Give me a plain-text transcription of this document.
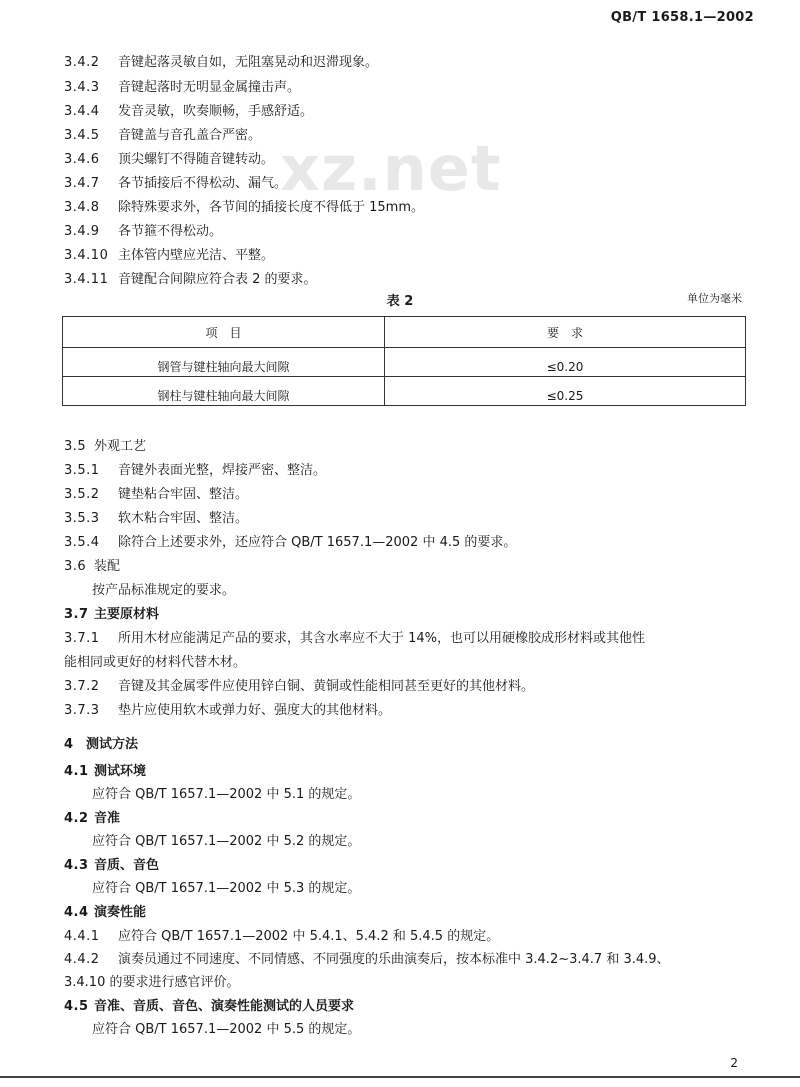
QB/T 1658.1—2002
xz.net
3.4.2 音键起落灵敏自如，无阻塞晃动和迟滞现象。
3.4.3 音键起落时无明显金属撞击声。
3.4.4 发音灵敏，吹奏顺畅，手感舒适。
3.4.5 音键盖与音孔盖合严密。
3.4.6 顶尖螺钉不得随音键转动。
3.4.7 各节插接后不得松动、漏气。
3.4.8 除特殊要求外，各节间的插接长度不得低于 15mm。
3.4.9 各节箍不得松动。
3.4.10 主体管内壁应光洁、平整。
3.4.11 音键配合间隙应符合表 2 的要求。
表 2	单位为毫米
项　目	要　求
钢管与键柱轴向最大间隙	≤0.20
钢柱与键柱轴向最大间隙	≤0.25
3.5 外观工艺
3.5.1 音键外表面光整，焊接严密、整洁。
3.5.2 键垫粘合牢固、整洁。
3.5.3 软木粘合牢固、整洁。
3.5.4 除符合上述要求外，还应符合 QB/T 1657.1—2002 中 4.5 的要求。
3.6 装配
按产品标准规定的要求。
3.7 主要原材料
3.7.1 所用木材应能满足产品的要求，其含水率应不大于 14%，也可以用硬橡胶成形材料或其他性
能相同或更好的材料代替木材。
3.7.2 音键及其金属零件应使用锌白铜、黄铜或性能相同甚至更好的其他材料。
3.7.3 垫片应使用软木或弹力好、强度大的其他材料。
4 测试方法
4.1 测试环境
应符合 QB/T 1657.1—2002 中 5.1 的规定。
4.2 音准
应符合 QB/T 1657.1—2002 中 5.2 的规定。
4.3 音质、音色
应符合 QB/T 1657.1—2002 中 5.3 的规定。
4.4 演奏性能
4.4.1 应符合 QB/T 1657.1—2002 中 5.4.1、5.4.2 和 5.4.5 的规定。
4.4.2 演奏员通过不同速度、不同情感、不同强度的乐曲演奏后，按本标准中 3.4.2~3.4.7 和 3.4.9、
3.4.10 的要求进行感官评价。
4.5 音准、音质、音色、演奏性能测试的人员要求
应符合 QB/T 1657.1—2002 中 5.5 的规定。
2
